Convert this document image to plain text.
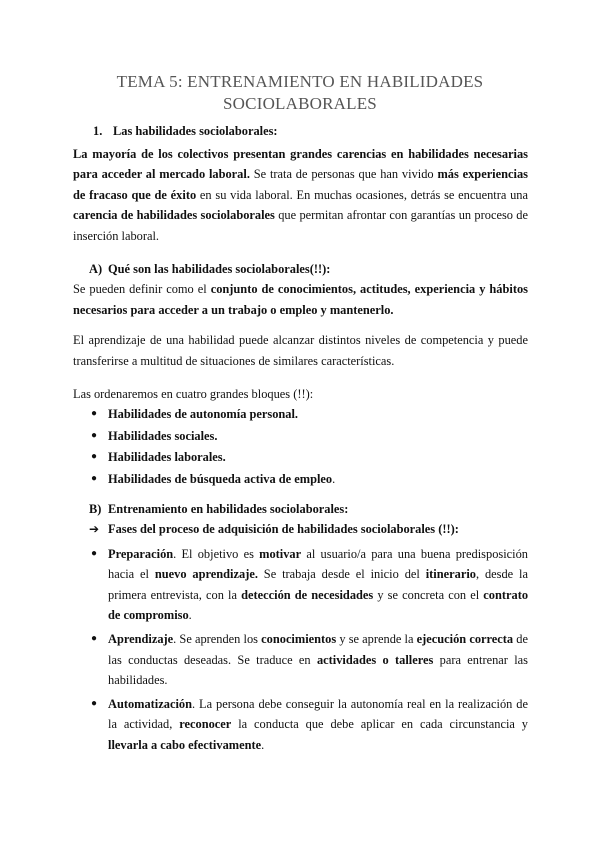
TEMA 5: ENTRENAMIENTO EN HABILIDADES
SOCIOLABORALES

1. Las habilidades sociolaborales:

La mayoría de los colectivos presentan grandes carencias en habilidades necesarias para acceder al mercado laboral. Se trata de personas que han vivido más experiencias de fracaso que de éxito en su vida laboral. En muchas ocasiones, detrás se encuentra una carencia de habilidades sociolaborales que permitan afrontar con garantías un proceso de inserción laboral.

A) Qué son las habilidades sociolaborales(!!):

Se pueden definir como el conjunto de conocimientos, actitudes, experiencia y hábitos necesarios para acceder a un trabajo o empleo y mantenerlo.

El aprendizaje de una habilidad puede alcanzar distintos niveles de competencia y puede transferirse a multitud de situaciones de similares características.

Las ordenaremos en cuatro grandes bloques (!!):

● Habilidades de autonomía personal.
● Habilidades sociales.
● Habilidades laborales.
● Habilidades de búsqueda activa de empleo.

B) Entrenamiento en habilidades sociolaborales:

➔ Fases del proceso de adquisición de habilidades sociolaborales (!!):

● Preparación. El objetivo es motivar al usuario/a para una buena predisposición hacia el nuevo aprendizaje. Se trabaja desde el inicio del itinerario, desde la primera entrevista, con la detección de necesidades y se concreta con el contrato de compromiso.
● Aprendizaje. Se aprenden los conocimientos y se aprende la ejecución correcta de las conductas deseadas. Se traduce en actividades o talleres para entrenar las habilidades.
● Automatización. La persona debe conseguir la autonomía real en la realización de la actividad, reconocer la conducta que debe aplicar en cada circunstancia y llevarla a cabo efectivamente.
